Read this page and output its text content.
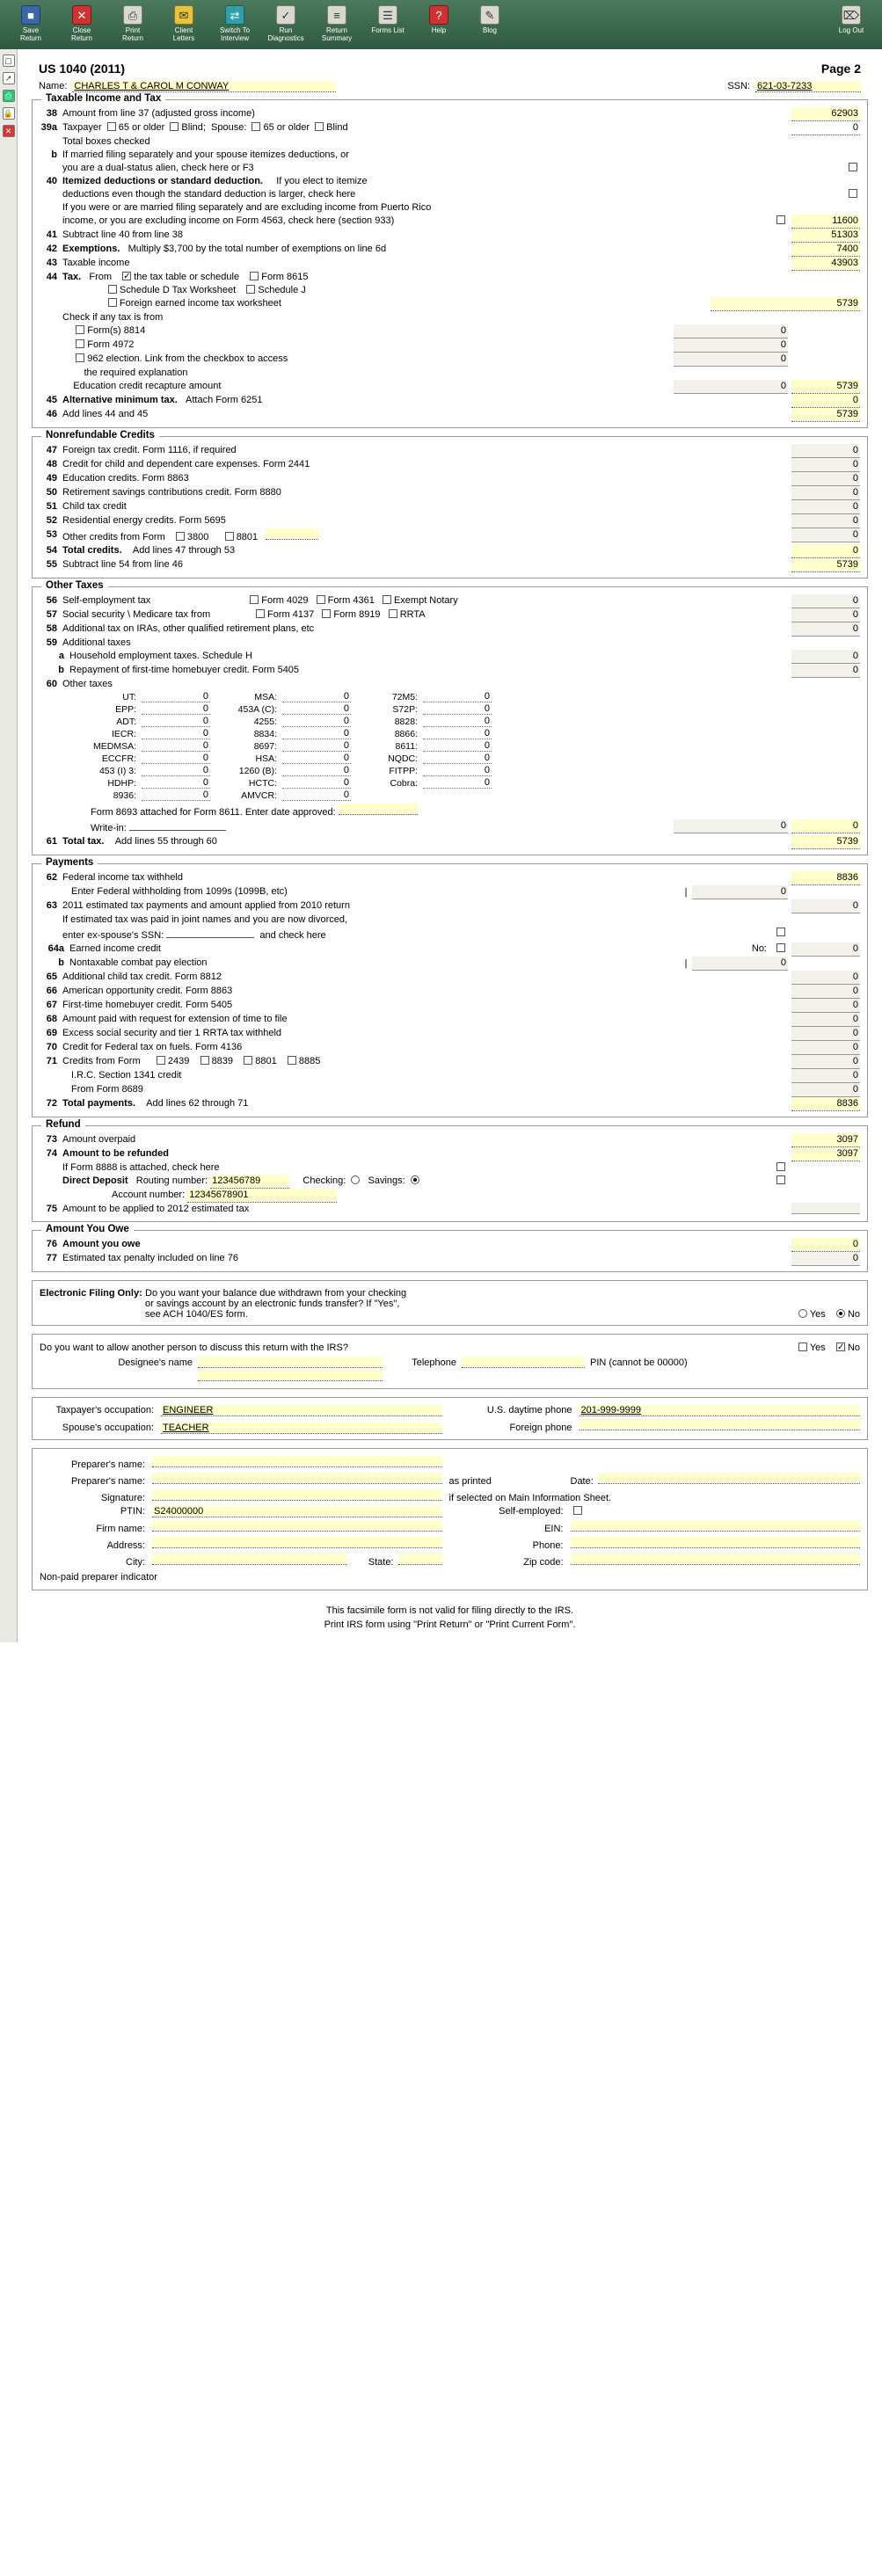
■
Save
Return
✕
Close
Return
⎙
Print
Return
✉
Client
Letters
⇄
Switch To
Interview
✓
Run
Diagnostics
≡
Return
Summary
☰
Forms List
?
Help
✎
Blog
⌦
Log Out
▢
↗
⎙
🔒
✕
US 1040 (2011)	Page 2
Name: CHARLES T & CAROL M CONWAY	SSN: 621-03-7233
Taxable Income and Tax
38 Amount from line 37 (adjusted gross income)	62903
39a Taxpayer 65 or older Blind; Spouse: 65 or older Blind	0
Total boxes checked
b If married filing separately and your spouse itemizes deductions, or
you are a dual-status alien, check here or F3
40 Itemized deductions or standard deduction. If you elect to itemize
deductions even though the standard deduction is larger, check here
If you were or are married filing separately and are excluding income from Puerto Rico
income, or you are excluding income on Form 4563, check here (section 933)	11600
41 Subtract line 40 from line 38	51303
42 Exemptions. Multiply $3,700 by the total number of exemptions on line 6d	7400
43 Taxable income	43903
44 Tax. From ✓ the tax table or schedule Form 8615
Schedule D Tax Worksheet Schedule J
Foreign earned income tax worksheet	5739
Check if any tax is from
Form(s) 8814	0
Form 4972	0
962 election. Link from the checkbox to access	0
the required explanation
Education credit recapture amount	0	5739
45 Alternative minimum tax. Attach Form 6251	0
46 Add lines 44 and 45	5739
Nonrefundable Credits
47 Foreign tax credit. Form 1116, if required	0
48 Credit for child and dependent care expenses. Form 2441	0
49 Education credits. Form 8863	0
50 Retirement savings contributions credit. Form 8880	0
51 Child tax credit	0
52 Residential energy credits. Form 5695	0
53 Other credits from Form 3800	8801	0
54 Total credits. Add lines 47 through 53	0
55 Subtract line 54 from line 46	5739
Other Taxes
56 Self-employment tax	Form 4029 Form 4361 Exempt Notary	0
57 Social security \ Medicare tax from	Form 4137 Form 8919 RRTA	0
58 Additional tax on IRAs, other qualified retirement plans, etc	0
59 Additional taxes
a Household employment taxes. Schedule H	0
b Repayment of first-time homebuyer credit. Form 5405	0
60 Other taxes
UT:	0	MSA:	0	72M5:	0
EPP:	0	453A (C):	0	S72P:	0
ADT:	0	4255:	0	8828:	0
IECR:	0	8834:	0	8866:	0
MEDMSA:	0	8697:	0	8611:	0
ECCFR:	0	HSA:	0	NQDC:	0
453 (I) 3:	0	1260 (B):	0	FITPP:	0
HDHP:	0	HCTC:	0	Cobra:	0
8936:	0	AMVCR:	0
Form 8693 attached for Form 8611. Enter date approved:
Write-in:	0	0
61 Total tax. Add lines 55 through 60	5739
Payments
62 Federal income tax withheld	8836
Enter Federal withholding from 1099s (1099B, etc)	|	0
63 2011 estimated tax payments and amount applied from 2010 return	0
If estimated tax was paid in joint names and you are now divorced,
enter ex-spouse's SSN:	and check here
64a Earned income credit	No:	0
b Nontaxable combat pay election	|	0
65 Additional child tax credit. Form 8812	0
66 American opportunity credit. Form 8863	0
67 First-time homebuyer credit. Form 5405	0
68 Amount paid with request for extension of time to file	0
69 Excess social security and tier 1 RRTA tax withheld	0
70 Credit for Federal tax on fuels. Form 4136	0
71 Credits from Form	2439 8839 8801 8885	0
I.R.C. Section 1341 credit	0
From Form 8689	0
72 Total payments. Add lines 62 through 71	8836
Refund
73 Amount overpaid	3097
74 Amount to be refunded	3097
If Form 8888 is attached, check here
Direct Deposit Routing number: 123456789	Checking: Savings:
Account number: 12345678901
75 Amount to be applied to 2012 estimated tax
Amount You Owe
76 Amount you owe	0
77 Estimated tax penalty included on line 76	0
Electronic Filing Only: Do you want your balance due withdrawn from your checking
or savings account by an electronic funds transfer? If "Yes",
see ACH 1040/ES form.	Yes No
Do you want to allow another person to discuss this return with the IRS?	Yes ✓ No
Designee's name	Telephone	PIN (cannot be 00000)
Taxpayer's occupation: ENGINEER	U.S. daytime phone 201-999-9999
Spouse's occupation: TEACHER	Foreign phone
Preparer's name:
Preparer's name:	as printed	Date:
Signature:	if selected on Main Information Sheet.
PTIN: S24000000	Self-employed:
Firm name:	EIN:
Address:	Phone:
City:	State:	Zip code:
Non-paid preparer indicator
This facsimile form is not valid for filing directly to the IRS.
Print IRS form using "Print Return" or "Print Current Form".
